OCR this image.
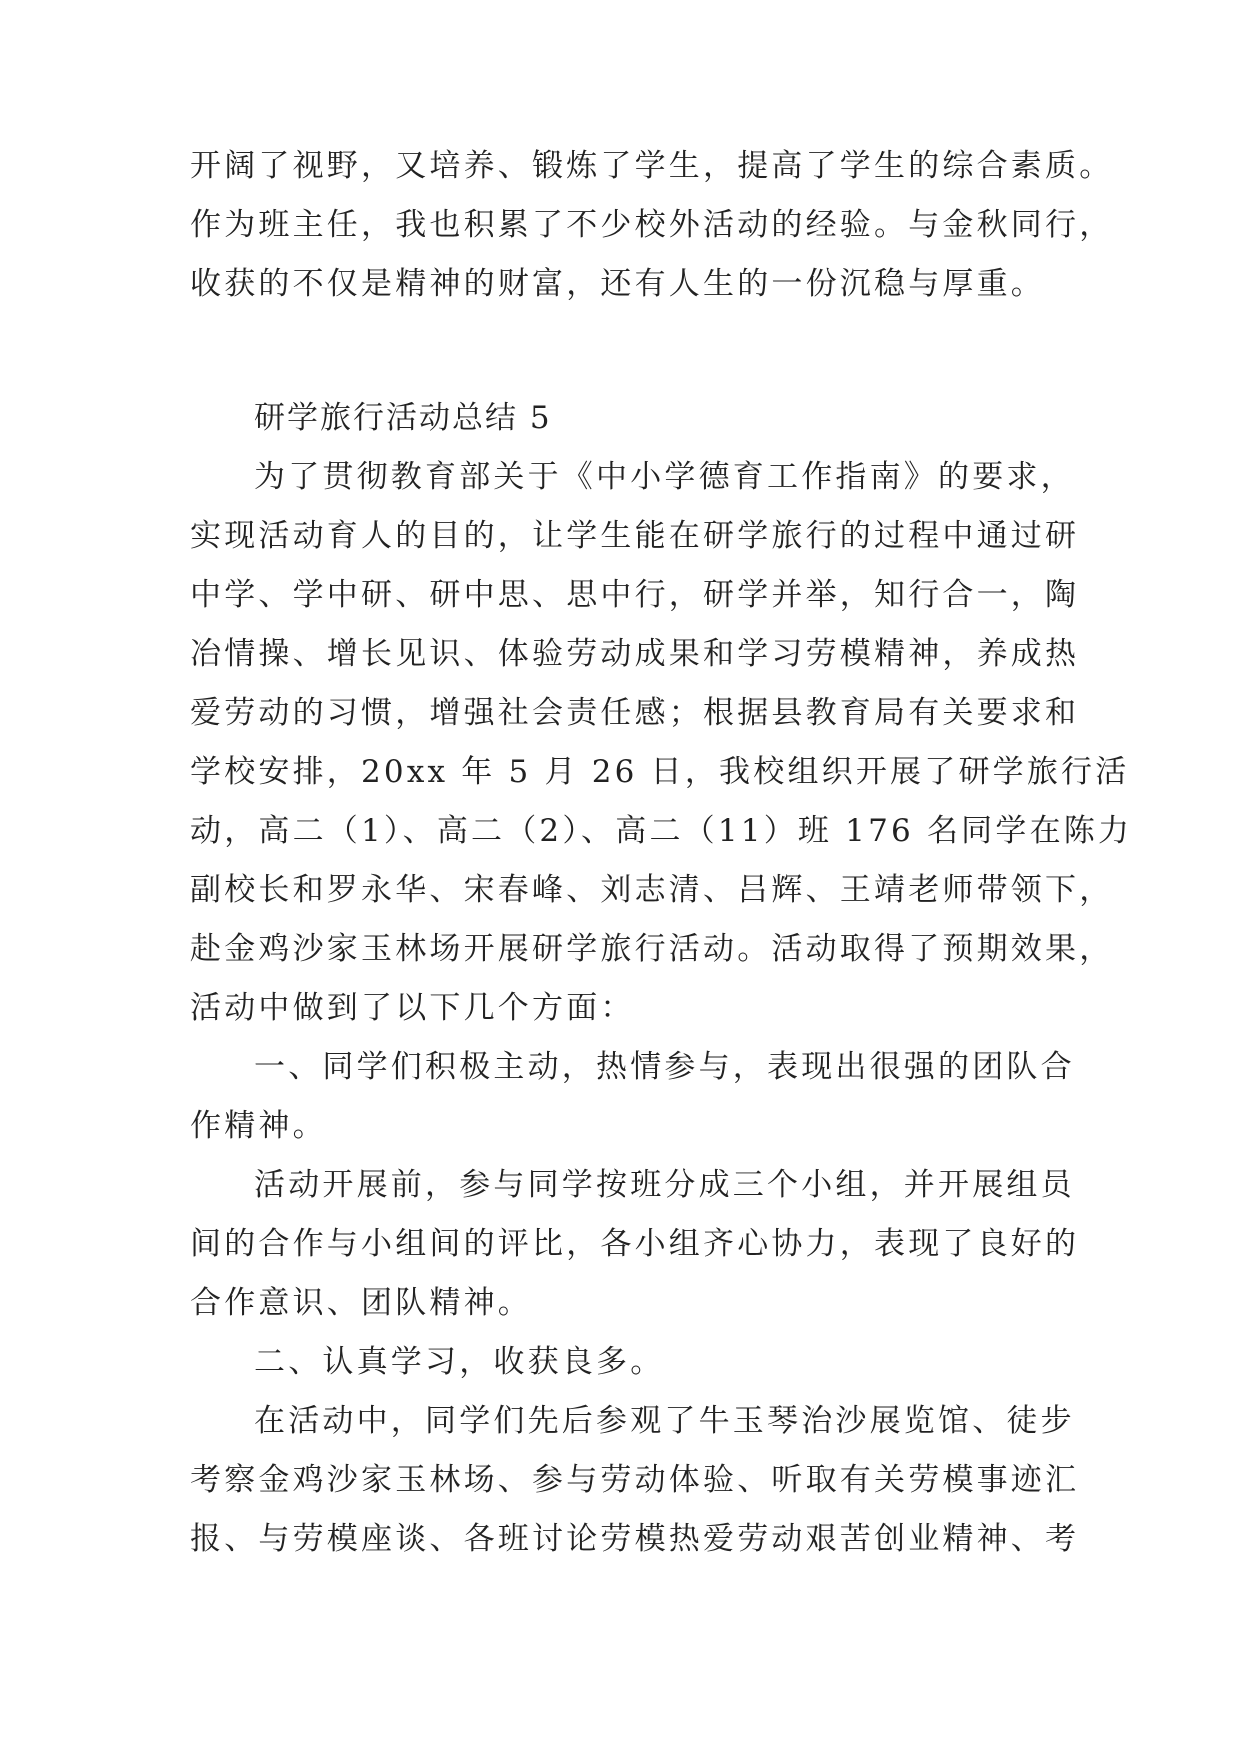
开阔了视野，又培养、锻炼了学生，提高了学生的综合素质。
作为班主任，我也积累了不少校外活动的经验。与金秋同行，
收获的不仅是精神的财富，还有人生的一份沉稳与厚重。
研学旅行活动总结 5
为了贯彻教育部关于《中小学德育工作指南》的要求，
实现活动育人的目的，让学生能在研学旅行的过程中通过研
中学、学中研、研中思、思中行，研学并举，知行合一，陶
冶情操、增长见识、体验劳动成果和学习劳模精神，养成热
爱劳动的习惯，增强社会责任感；根据县教育局有关要求和
学校安排，20xx 年 5 月 26 日，我校组织开展了研学旅行活
动，高二（1）、高二（2）、高二（11）班 176 名同学在陈力
副校长和罗永华、宋春峰、刘志清、吕辉、王靖老师带领下，
赴金鸡沙家玉林场开展研学旅行活动。活动取得了预期效果，
活动中做到了以下几个方面：
一、同学们积极主动，热情参与，表现出很强的团队合
作精神。
活动开展前，参与同学按班分成三个小组，并开展组员
间的合作与小组间的评比，各小组齐心协力，表现了良好的
合作意识、团队精神。
二、认真学习，收获良多。
在活动中，同学们先后参观了牛玉琴治沙展览馆、徒步
考察金鸡沙家玉林场、参与劳动体验、听取有关劳模事迹汇
报、与劳模座谈、各班讨论劳模热爱劳动艰苦创业精神、考
